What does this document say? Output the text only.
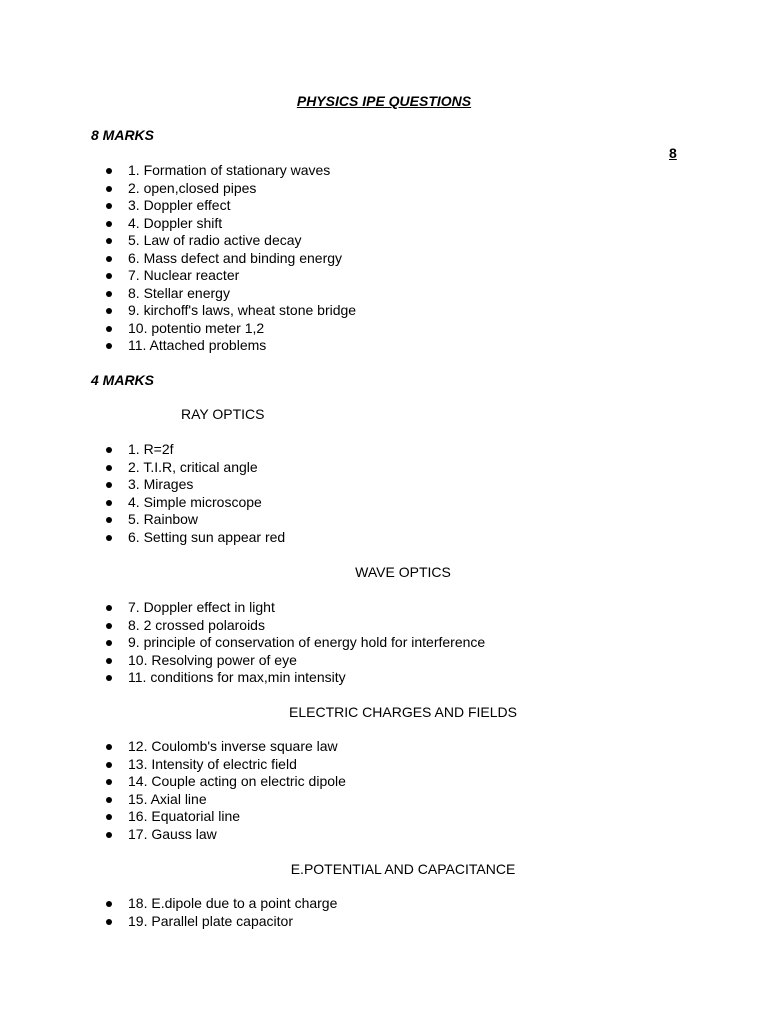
PHYSICS IPE QUESTIONS
8 MARKS
8
1. Formation of stationary waves
2. open,closed pipes
3. Doppler effect
4. Doppler shift
5. Law of radio active decay
6. Mass defect and binding energy
7. Nuclear reacter
8. Stellar energy
9. kirchoff's laws, wheat stone bridge
10. potentio meter 1,2
11. Attached problems
4 MARKS
RAY OPTICS
1. R=2f
2. T.I.R, critical angle
3. Mirages
4. Simple microscope
5. Rainbow
6. Setting sun appear red
WAVE OPTICS
7. Doppler effect in light
8. 2 crossed polaroids
9. principle of conservation of energy hold for interference
10. Resolving power of eye
11. conditions for max,min intensity
ELECTRIC CHARGES AND FIELDS
12. Coulomb's inverse square law
13. Intensity of electric field
14. Couple acting on electric dipole
15. Axial line
16. Equatorial line
17. Gauss law
E.POTENTIAL AND CAPACITANCE
18. E.dipole due to a point charge
19. Parallel plate capacitor
